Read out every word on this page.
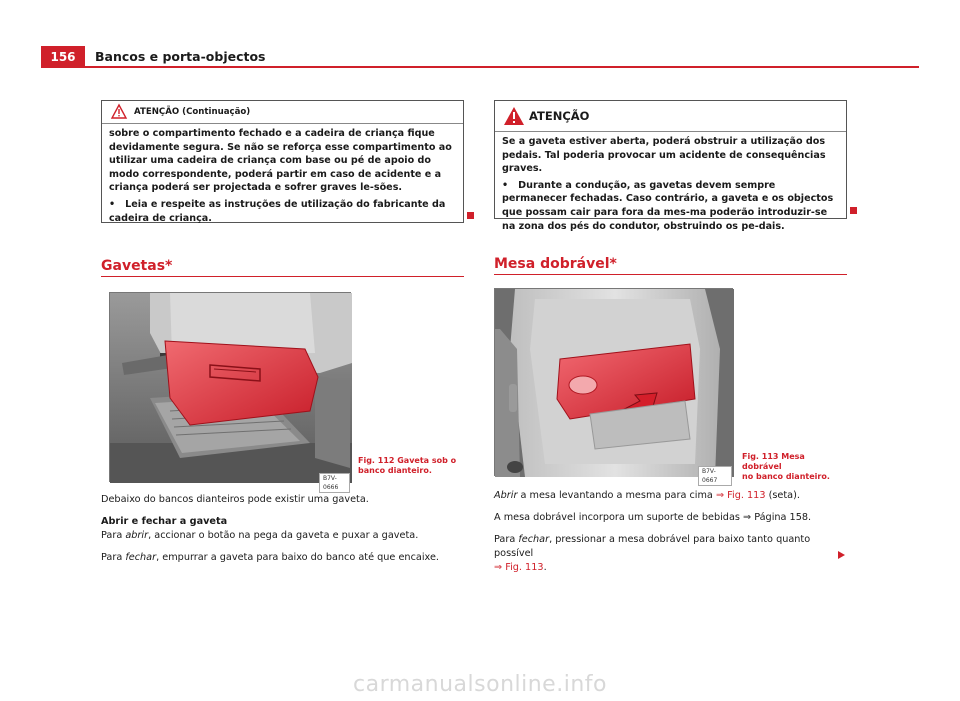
156	Bancos e porta-objectos
ATENÇÃO (Continuação)

sobre o compartimento fechado e a cadeira de criança fique devidamente segura. Se não se reforça esse compartimento ao utilizar uma cadeira de criança com base ou pé de apoio do modo correspondente, poderá partir em caso de acidente e a criança poderá ser projectada e sofrer graves le-sões.

• Leia e respeite as instruções de utilização do fabricante da cadeira de criança.

ATENÇÃO

Se a gaveta estiver aberta, poderá obstruir a utilização dos pedais. Tal poderia provocar um acidente de consequências graves.

• Durante a condução, as gavetas devem sempre permanecer fechadas. Caso contrário, a gaveta e os objectos que possam cair para fora da mes-ma poderão introduzir-se na zona dos pés do condutor, obstruindo os pe-dais.

Gavetas*
B7V-0666
Fig. 112 Gaveta sob o
banco dianteiro.

Debaixo do bancos dianteiros pode existir uma gaveta.

Abrir e fechar a gaveta

Para abrir, accionar o botão na pega da gaveta e puxar a gaveta.

Para fechar, empurrar a gaveta para baixo do banco até que encaixe.

Mesa dobrável*
B7V-0667
Fig. 113 Mesa dobrável
no banco dianteiro.

Abrir a mesa levantando a mesma para cima ⇒ Fig. 113 (seta).

A mesa dobrável incorpora um suporte de bebidas ⇒ Página 158.

Para fechar, pressionar a mesa dobrável para baixo tanto quanto possível
⇒ Fig. 113.

carmanualsonline.info
